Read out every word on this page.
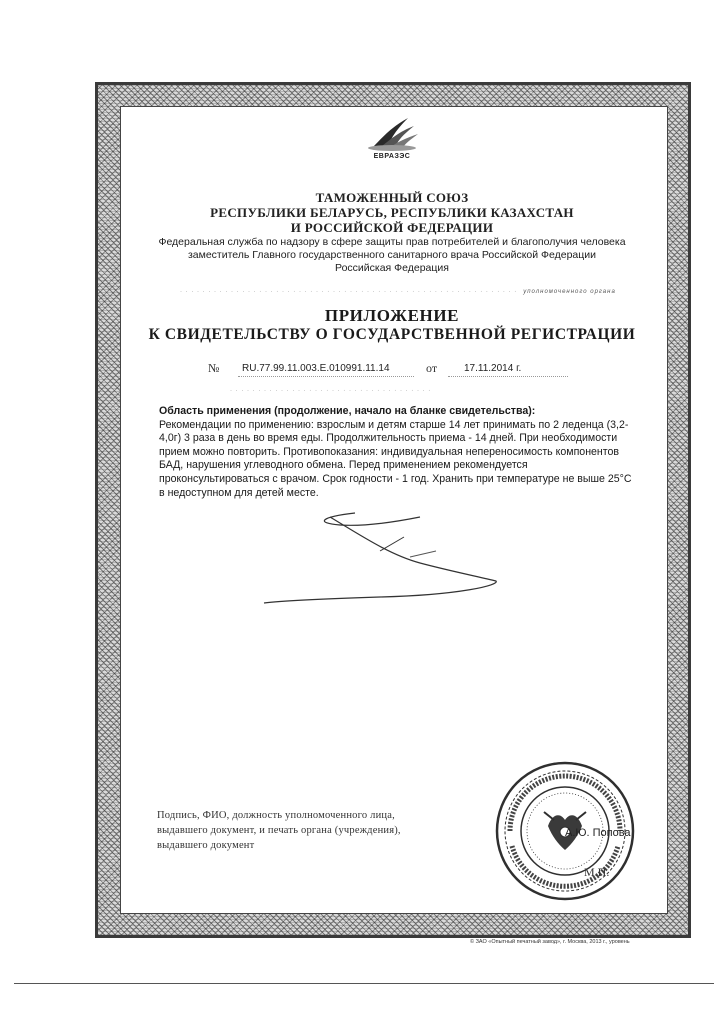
ЕВРАЗЭС
ТАМОЖЕННЫЙ СОЮЗ
РЕСПУБЛИКИ БЕЛАРУСЬ, РЕСПУБЛИКИ КАЗАХСТАН
И РОССИЙСКОЙ ФЕДЕРАЦИИ
Федеральная служба по надзору в сфере защиты прав потребителей и благополучия человека
заместитель Главного государственного санитарного врача Российской Федерации
Российская Федерация
· · · · · · · · · · · · · · · · · · · · · · · · · · · · · · · · · · · · · · · · · · · · · · · · · · · · · · · · · · · · уполномоченного органа
ПРИЛОЖЕНИЕ
К СВИДЕТЕЛЬСТВУ О ГОСУДАРСТВЕННОЙ РЕГИСТРАЦИИ
№ RU.77.99.11.003.Е.010991.11.14	от	17.11.2014 г.
· · · · · · · · · · · · · · · · · · · · · · · · · · · · · · · · · · · ·

Область применения (продолжение, начало на бланке свидетельства):

Рекомендации по применению: взрослым и детям старше 14 лет принимать по 2 леденца (3,2-4,0г) 3 раза в день во время еды. Продолжительность приема - 14 дней. При необходимости прием можно повторить. Противопоказания: индивидуальная непереносимость компонентов БАД, нарушения углеводного обмена. Перед применением рекомендуется проконсультироваться с врачом. Срок годности - 1 год. Хранить при температуре не выше 25°С в недоступном для детей месте.

Подпись, ФИО, должность уполномоченного лица, выдавшего документ, и печать органа (учреждения), выдавшего документ
А.Ю. Попова
М.П.
© ЗАО «Опытный печатный завод», г. Москва, 2013 г., уровень
